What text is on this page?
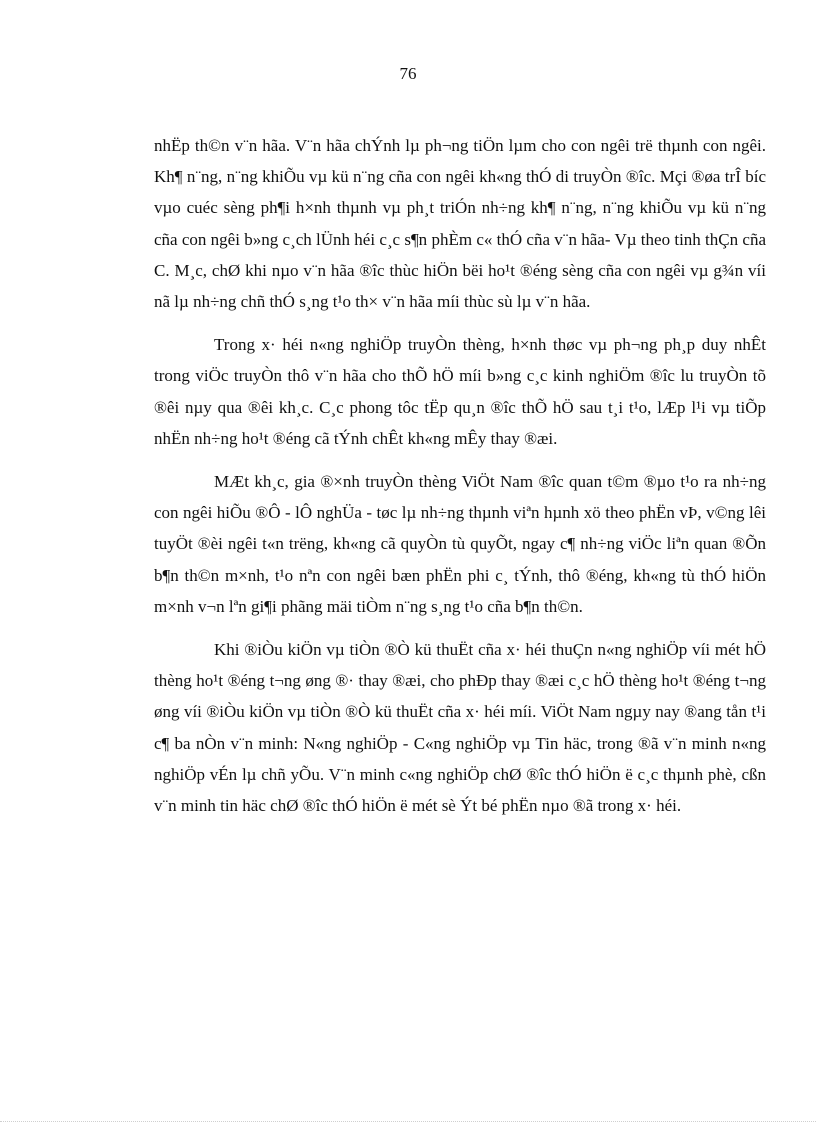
76

nhËp th©n v¨n hãa. V¨n hãa chÝnh lµ ph¬ng tiÖn lµm cho con ngêi trë thµnh con ngêi. Kh¶ n¨ng, n¨ng khiÕu vµ kü n¨ng cña con ngêi kh«ng thÓ di truyÒn ®îc. Mçi ®øa trÎ bíc vµo cuéc sèng ph¶i h×nh thµnh vµ ph¸t triÓn nh÷ng kh¶ n¨ng, n¨ng khiÕu vµ kü n¨ng cña con ngêi b»ng c¸ch lÜnh héi c¸c s¶n phÈm c« thÓ cña v¨n hãa- Vµ theo tinh thÇn cña C. M¸c, chØ khi nµo v¨n hãa ®îc thùc hiÖn bëi ho¹t ®éng sèng cña con ngêi vµ g¾n víi nã lµ nh÷ng chñ thÓ s¸ng t¹o th× v¨n hãa míi thùc sù lµ v¨n hãa.

Trong x· héi n«ng nghiÖp truyÒn thèng, h×nh thøc vµ ph¬ng ph¸p duy nhÊt trong viÖc truyÒn thô v¨n hãa cho thÕ hÖ míi b»ng c¸c kinh nghiÖm ®îc lu truyÒn tõ ®êi nµy qua ®êi kh¸c. C¸c phong tôc tËp qu¸n ®îc thÕ hÖ sau t¸i t¹o, lÆp l¹i vµ tiÕp nhËn nh÷ng ho¹t ®éng cã tÝnh chÊt kh«ng mÊy thay ®æi.

MÆt kh¸c, gia ®×nh truyÒn thèng ViÖt Nam ®îc quan t©m ®µo t¹o ra nh÷ng con ngêi hiÕu ®Ô - lÔ nghÜa - tøc lµ nh÷ng thµnh viªn hµnh xö theo phËn vÞ, v©ng lêi tuyÖt ®èi ngêi t«n trëng, kh«ng cã quyÒn tù quyÕt, ngay c¶ nh÷ng viÖc liªn quan ®Õn b¶n th©n m×nh, t¹o nªn con ngêi bæn phËn phi c¸ tÝnh, thô ®éng, kh«ng tù thÓ hiÖn m×nh v¬n lªn gi¶i phãng mäi tiÒm n¨ng s¸ng t¹o cña b¶n th©n.

Khi ®iÒu kiÖn vµ tiÒn ®Ò kü thuËt cña x· héi thuÇn n«ng nghiÖp víi mét hÖ thèng ho¹t ®éng t¬ng øng ®· thay ®æi, cho phÐp thay ®æi c¸c hÖ thèng ho¹t ®éng t¬ng øng víi ®iÒu kiÖn vµ tiÒn ®Ò kü thuËt cña x· héi míi. ViÖt Nam ngµy nay ®ang tån t¹i c¶ ba nÒn v¨n minh: N«ng nghiÖp - C«ng nghiÖp vµ Tin häc, trong ®ã v¨n minh n«ng nghiÖp vÉn lµ chñ yÕu. V¨n minh c«ng nghiÖp chØ ®îc thÓ hiÖn ë c¸c thµnh phè, cßn v¨n minh tin häc chØ ®îc thÓ hiÖn ë mét sè Ýt bé phËn nµo ®ã trong x· héi.
